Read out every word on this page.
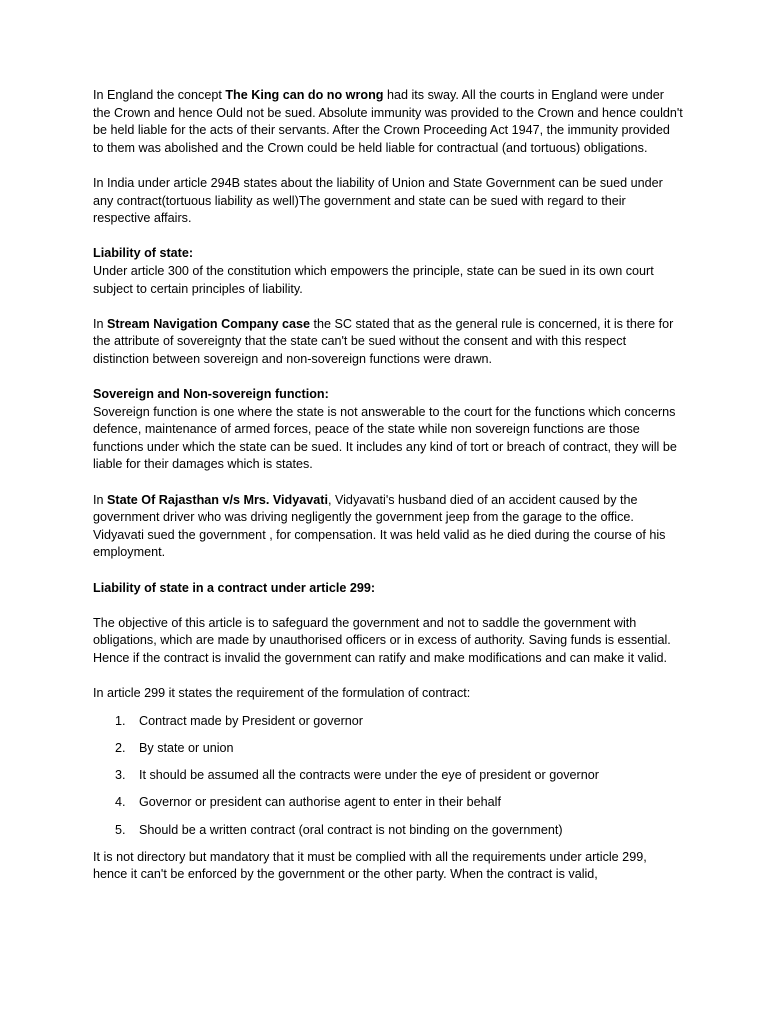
In England the concept The King can do no wrong had its sway. All the courts in England were under the Crown and hence Ould not be sued. Absolute immunity was provided to the Crown and hence couldn't be held liable for the acts of their servants. After the Crown Proceeding Act 1947, the immunity provided to them was abolished and the Crown could be held liable for contractual (and tortuous) obligations.

In India under article 294B states about the liability of Union and State Government can be sued under any contract(tortuous liability as well)The government and state can be sued with regard to their respective affairs.

Liability of state:

Under article 300 of the constitution which empowers the principle, state can be sued in its own court subject to certain principles of liability.

In Stream Navigation Company case the SC stated that as the general rule is concerned, it is there for the attribute of sovereignty that the state can't be sued without the consent and with this respect distinction between sovereign and non-sovereign functions were drawn.

Sovereign and Non-sovereign function:

Sovereign function is one where the state is not answerable to the court for the functions which concerns defence, maintenance of armed forces, peace of the state while non sovereign functions are those functions under which the state can be sued. It includes any kind of tort or breach of contract, they will be liable for their damages which is states.

In State Of Rajasthan v/s Mrs. Vidyavati, Vidyavati's husband died of an accident caused by the government driver who was driving negligently the government jeep from the garage to the office. Vidyavati sued the government , for compensation. It was held valid as he died during the course of his employment.

Liability of state in a contract under article 299:

The objective of this article is to safeguard the government and not to saddle the government with obligations, which are made by unauthorised officers or in excess of authority. Saving funds is essential. Hence if the contract is invalid the government can ratify and make modifications and can make it valid.

In article 299 it states the requirement of the formulation of contract:

1.	Contract made by President or governor
2.	By state or union
3.	It should be assumed all the contracts were under the eye of president or governor
4.	Governor or president can authorise agent to enter in their behalf
5.	Should be a written contract (oral contract is not binding on the government)

It is not directory but mandatory that it must be complied with all the requirements under article 299, hence it can't be enforced by the government or the other party. When the contract is valid,
